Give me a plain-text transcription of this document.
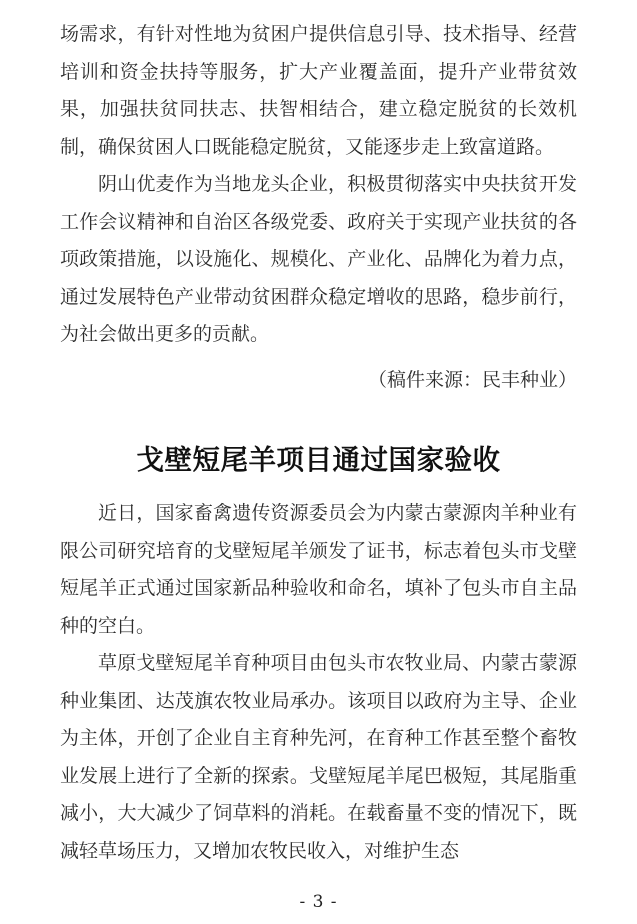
场需求，有针对性地为贫困户提供信息引导、技术指导、经营培训和资金扶持等服务，扩大产业覆盖面，提升产业带贫效果，加强扶贫同扶志、扶智相结合，建立稳定脱贫的长效机制，确保贫困人口既能稳定脱贫，又能逐步走上致富道路。

阴山优麦作为当地龙头企业，积极贯彻落实中央扶贫开发工作会议精神和自治区各级党委、政府关于实现产业扶贫的各项政策措施，以设施化、规模化、产业化、品牌化为着力点，通过发展特色产业带动贫困群众稳定增收的思路，稳步前行，为社会做出更多的贡献。

（稿件来源：民丰种业）

戈壁短尾羊项目通过国家验收

近日，国家畜禽遗传资源委员会为内蒙古蒙源肉羊种业有限公司研究培育的戈壁短尾羊颁发了证书，标志着包头市戈壁短尾羊正式通过国家新品种验收和命名，填补了包头市自主品种的空白。

草原戈壁短尾羊育种项目由包头市农牧业局、内蒙古蒙源种业集团、达茂旗农牧业局承办。该项目以政府为主导、企业为主体，开创了企业自主育种先河，在育种工作甚至整个畜牧业发展上进行了全新的探索。戈壁短尾羊尾巴极短，其尾脂重减小，大大减少了饲草料的消耗。在载畜量不变的情况下，既减轻草场压力，又增加农牧民收入，对维护生态

- 3 -
